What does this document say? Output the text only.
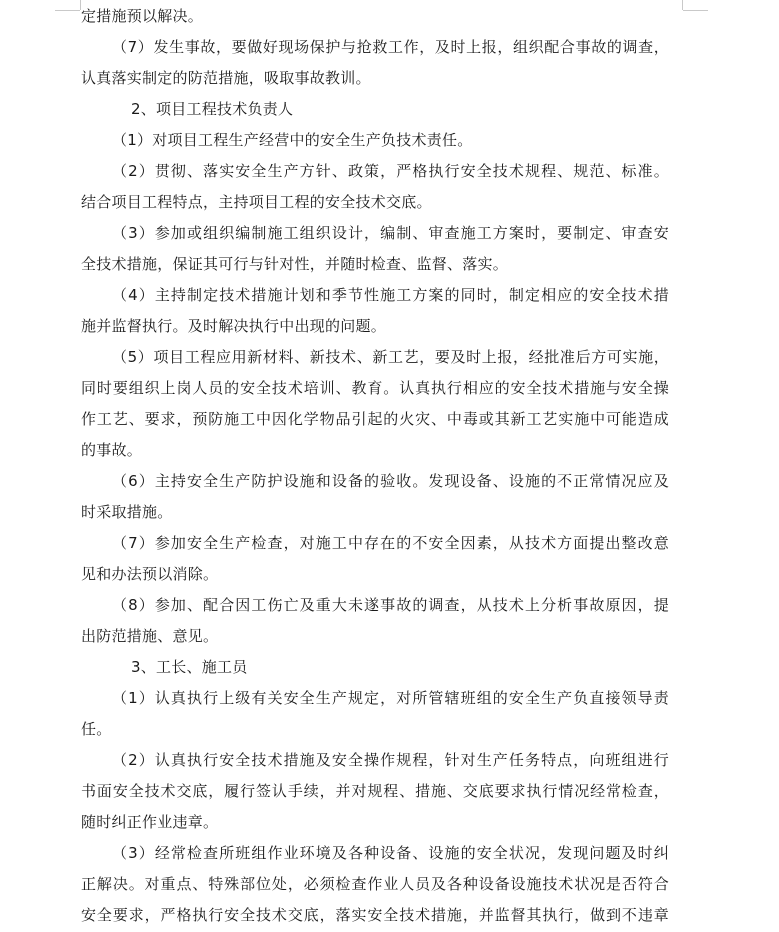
定措施预以解决。
（7）发生事故，要做好现场保护与抢救工作，及时上报，组织配合事故的调查，
认真落实制定的防范措施，吸取事故教训。
2、项目工程技术负责人
（1）对项目工程生产经营中的安全生产负技术责任。
（2）贯彻、落实安全生产方针、政策，严格执行安全技术规程、规范、标准。
结合项目工程特点，主持项目工程的安全技术交底。
（3）参加或组织编制施工组织设计，编制、审查施工方案时，要制定、审查安
全技术措施，保证其可行与针对性，并随时检查、监督、落实。
（4）主持制定技术措施计划和季节性施工方案的同时，制定相应的安全技术措
施并监督执行。及时解决执行中出现的问题。
（5）项目工程应用新材料、新技术、新工艺，要及时上报，经批准后方可实施，
同时要组织上岗人员的安全技术培训、教育。认真执行相应的安全技术措施与安全操
作工艺、要求，预防施工中因化学物品引起的火灾、中毒或其新工艺实施中可能造成
的事故。
（6）主持安全生产防护设施和设备的验收。发现设备、设施的不正常情况应及
时采取措施。
（7）参加安全生产检查，对施工中存在的不安全因素，从技术方面提出整改意
见和办法预以消除。
（8）参加、配合因工伤亡及重大未遂事故的调查，从技术上分析事故原因，提
出防范措施、意见。
3、工长、施工员
（1）认真执行上级有关安全生产规定，对所管辖班组的安全生产负直接领导责
任。
（2）认真执行安全技术措施及安全操作规程，针对生产任务特点，向班组进行
书面安全技术交底，履行签认手续，并对规程、措施、交底要求执行情况经常检查，
随时纠正作业违章。
（3）经常检查所班组作业环境及各种设备、设施的安全状况，发现问题及时纠
正解决。对重点、特殊部位处，必须检查作业人员及各种设备设施技术状况是否符合
安全要求，严格执行安全技术交底，落实安全技术措施，并监督其执行，做到不违章
